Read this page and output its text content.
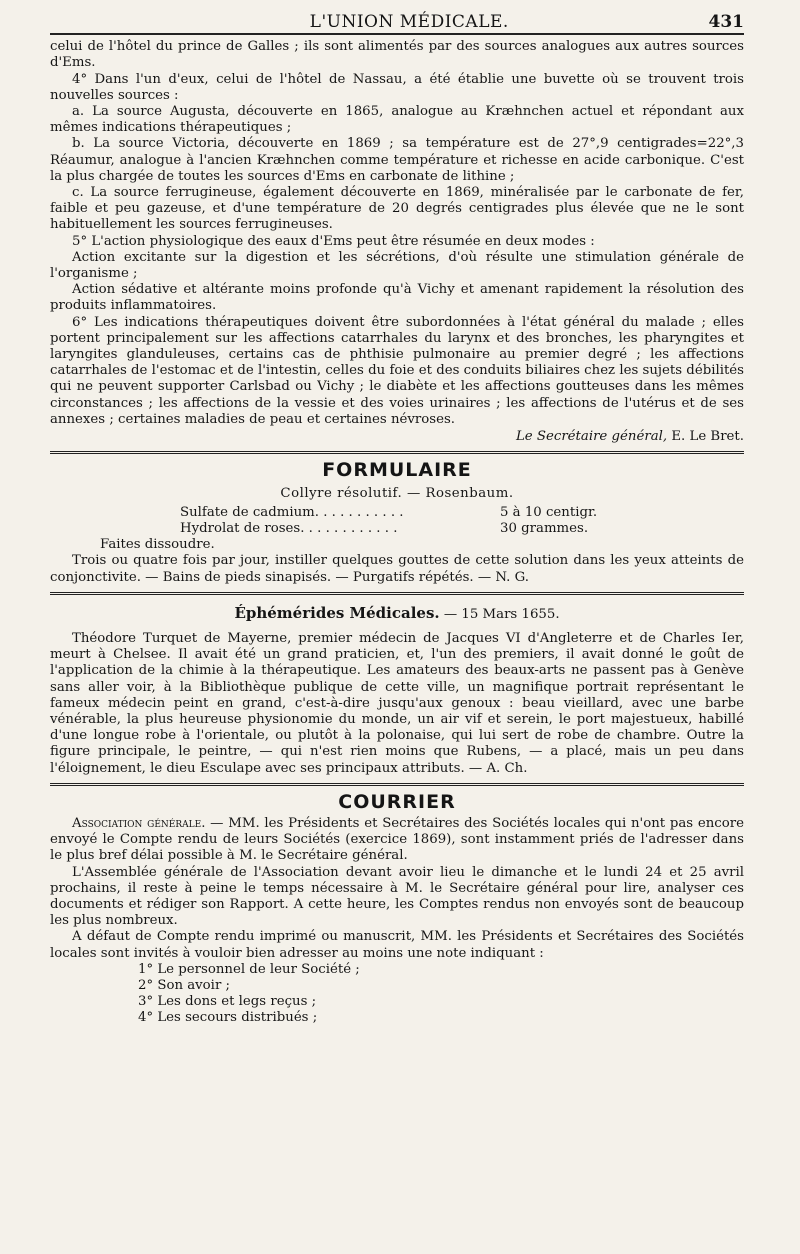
L'UNION MÉDICALE.	431

celui de l'hôtel du prince de Galles ; ils sont alimentés par des sources analogues aux autres sources d'Ems.

4° Dans l'un d'eux, celui de l'hôtel de Nassau, a été établie une buvette où se trouvent trois nouvelles sources :

a. La source Augusta, découverte en 1865, analogue au Kræhnchen actuel et répondant aux mêmes indications thérapeutiques ;

b. La source Victoria, découverte en 1869 ; sa température est de 27°,9 centigrades=22°,3 Réaumur, analogue à l'ancien Kræhnchen comme température et richesse en acide carbonique. C'est la plus chargée de toutes les sources d'Ems en carbonate de lithine ;

c. La source ferrugineuse, également découverte en 1869, minéralisée par le carbonate de fer, faible et peu gazeuse, et d'une température de 20 degrés centigrades plus élevée que ne le sont habituellement les sources ferrugineuses.

5° L'action physiologique des eaux d'Ems peut être résumée en deux modes :

Action excitante sur la digestion et les sécrétions, d'où résulte une stimulation générale de l'organisme ;

Action sédative et altérante moins profonde qu'à Vichy et amenant rapidement la résolution des produits inflammatoires.

6° Les indications thérapeutiques doivent être subordonnées à l'état général du malade ; elles portent principalement sur les affections catarrhales du larynx et des bronches, les pharyngites et laryngites glanduleuses, certains cas de phthisie pulmonaire au premier degré ; les affections catarrhales de l'estomac et de l'intestin, celles du foie et des conduits biliaires chez les sujets débilités qui ne peuvent supporter Carlsbad ou Vichy ; le diabète et les affections goutteuses dans les mêmes circonstances ; les affections de la vessie et des voies urinaires ; les affections de l'utérus et de ses annexes ; certaines maladies de peau et certaines névroses.

Le Secrétaire général, E. Le Bret.

FORMULAIRE
Collyre résolutif. — Rosenbaum.
Sulfate de cadmium. . . . . . . . . . .	5 à 10 centigr.
Hydrolat de roses. . . . . . . . . . . .	30 grammes.

Faites dissoudre.

Trois ou quatre fois par jour, instiller quelques gouttes de cette solution dans les yeux atteints de conjonctivite. — Bains de pieds sinapisés. — Purgatifs répétés. — N. G.

Éphémérides Médicales. — 15 Mars 1655.

Théodore Turquet de Mayerne, premier médecin de Jacques VI d'Angleterre et de Charles Ier, meurt à Chelsee. Il avait été un grand praticien, et, l'un des premiers, il avait donné le goût de l'application de la chimie à la thérapeutique. Les amateurs des beaux-arts ne passent pas à Genève sans aller voir, à la Bibliothèque publique de cette ville, un magnifique portrait représentant le fameux médecin peint en grand, c'est-à-dire jusqu'aux genoux : beau vieillard, avec une barbe vénérable, la plus heureuse physionomie du monde, un air vif et serein, le port majestueux, habillé d'une longue robe à l'orientale, ou plutôt à la polonaise, qui lui sert de robe de chambre. Outre la figure principale, le peintre, — qui n'est rien moins que Rubens, — a placé, mais un peu dans l'éloignement, le dieu Esculape avec ses principaux attributs. — A. Ch.

COURRIER

Association générale. — MM. les Présidents et Secrétaires des Sociétés locales qui n'ont pas encore envoyé le Compte rendu de leurs Sociétés (exercice 1869), sont instamment priés de l'adresser dans le plus bref délai possible à M. le Secrétaire général.

L'Assemblée générale de l'Association devant avoir lieu le dimanche et le lundi 24 et 25 avril prochains, il reste à peine le temps nécessaire à M. le Secrétaire général pour lire, analyser ces documents et rédiger son Rapport. A cette heure, les Comptes rendus non envoyés sont de beaucoup les plus nombreux.

A défaut de Compte rendu imprimé ou manuscrit, MM. les Présidents et Secrétaires des Sociétés locales sont invités à vouloir bien adresser au moins une note indiquant :

1° Le personnel de leur Société ;

2° Son avoir ;

3° Les dons et legs reçus ;

4° Les secours distribués ;
